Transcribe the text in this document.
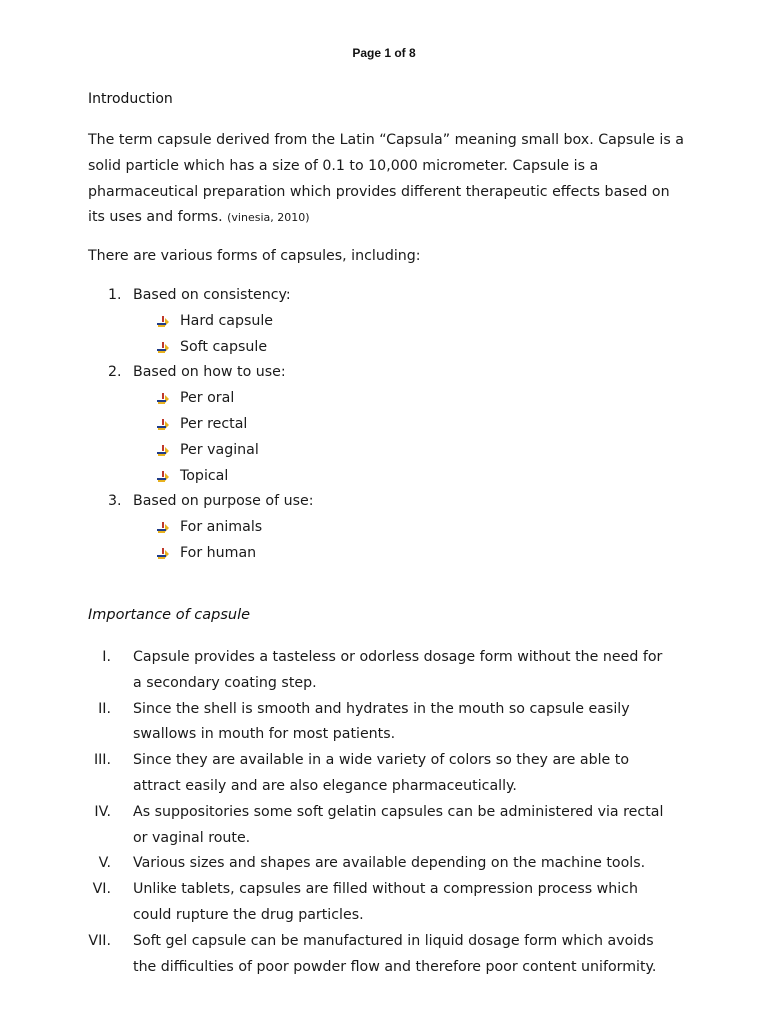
Page 1 of 8
Introduction
The term capsule derived from the Latin “Capsula” meaning small box. Capsule is a solid particle which has a size of 0.1 to 10,000 micrometer. Capsule is a pharmaceutical preparation which provides different therapeutic effects based on its uses and forms. (vinesia, 2010)
There are various forms of capsules, including:
1. Based on consistency:
Hard capsule
Soft capsule
2. Based on how to use:
Per oral
Per rectal
Per vaginal
Topical
3. Based on purpose of use:
For animals
For human
Importance of capsule
I. Capsule provides a tasteless or odorless dosage form without the need for a secondary coating step.
II. Since the shell is smooth and hydrates in the mouth so capsule easily swallows in mouth for most patients.
III. Since they are available in a wide variety of colors so they are able to attract easily and are also elegance pharmaceutically.
IV. As suppositories some soft gelatin capsules can be administered via rectal or vaginal route.
V. Various sizes and shapes are available depending on the machine tools.
VI. Unlike tablets, capsules are filled without a compression process which could rupture the drug particles.
VII. Soft gel capsule can be manufactured in liquid dosage form which avoids the difficulties of poor powder flow and therefore poor content uniformity.
